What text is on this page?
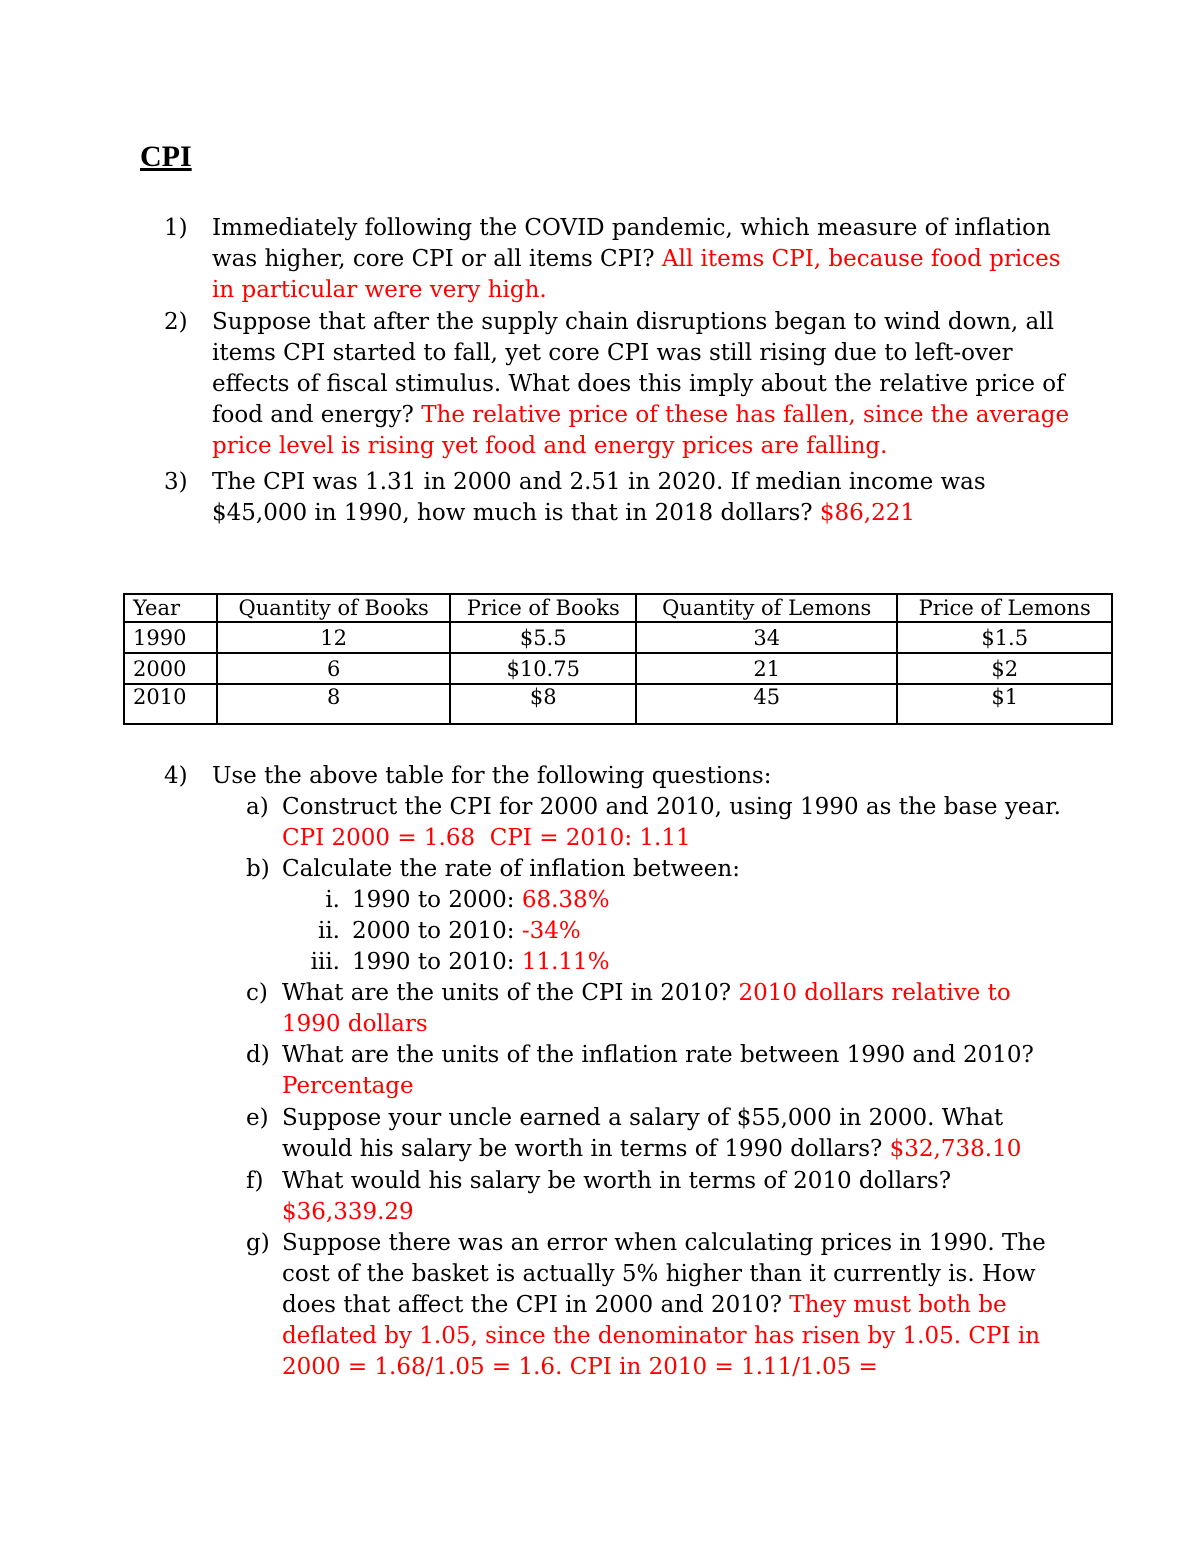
CPI

1) Immediately following the COVID pandemic, which measure of inflation was higher, core CPI or all items CPI? All items CPI, because food prices in particular were very high.

2) Suppose that after the supply chain disruptions began to wind down, all items CPI started to fall, yet core CPI was still rising due to left-over effects of fiscal stimulus. What does this imply about the relative price of food and energy? The relative price of these has fallen, since the average price level is rising yet food and energy prices are falling.

3) The CPI was 1.31 in 2000 and 2.51 in 2020. If median income was $45,000 in 1990, how much is that in 2018 dollars? $86,221

Year	Quantity of Books	Price of Books	Quantity of Lemons	Price of Lemons
1990	12	$5.5	34	$1.5
2000	6	$10.75	21	$2
2010	8	$8	45	$1

4) Use the above table for the following questions:

a) Construct the CPI for 2000 and 2010, using 1990 as the base year. CPI 2000 = 1.68  CPI = 2010: 1.11
b) Calculate the rate of inflation between:
i. 1990 to 2000: 68.38%
ii. 2000 to 2010: -34%
iii. 1990 to 2010: 11.11%
c) What are the units of the CPI in 2010? 2010 dollars relative to 1990 dollars
d) What are the units of the inflation rate between 1990 and 2010? Percentage
e) Suppose your uncle earned a salary of $55,000 in 2000. What would his salary be worth in terms of 1990 dollars? $32,738.10
f) What would his salary be worth in terms of 2010 dollars? $36,339.29
g) Suppose there was an error when calculating prices in 1990. The cost of the basket is actually 5% higher than it currently is. How does that affect the CPI in 2000 and 2010? They must both be deflated by 1.05, since the denominator has risen by 1.05. CPI in 2000 = 1.68/1.05 = 1.6. CPI in 2010 = 1.11/1.05 =
